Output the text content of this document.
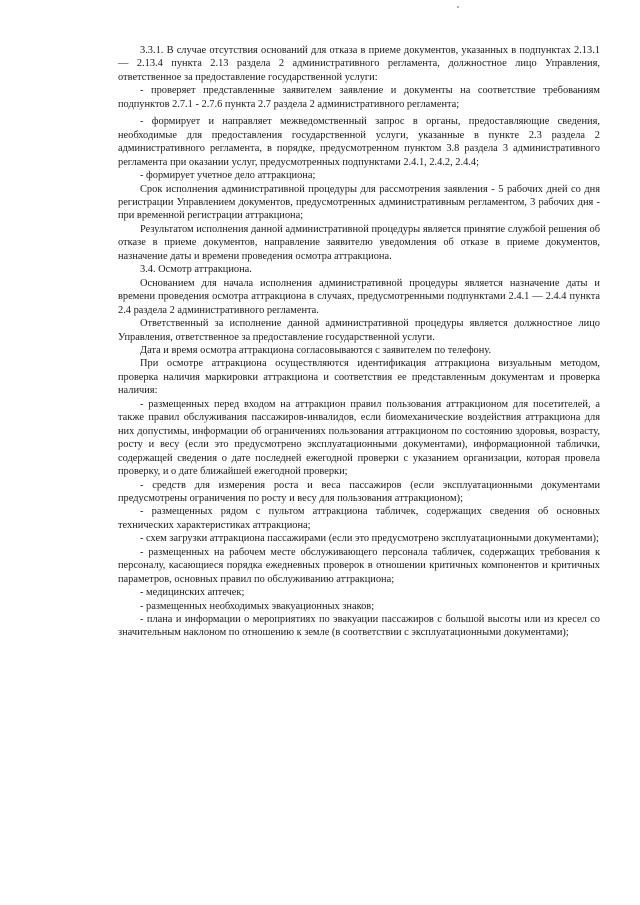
3.3.1. В случае отсутствия оснований для отказа в приеме документов, указанных в подпунктах 2.13.1 — 2.13.4 пункта 2.13 раздела 2 административного регламента, должностное лицо Управления, ответственное за предоставление государственной услуги:

- проверяет представленные заявителем заявление и документы на соответствие требованиям подпунктов 2.7.1 - 2.7.6 пункта 2.7 раздела 2 административного регламента;

- формирует и направляет межведомственный запрос в органы, предоставляющие сведения, необходимые для предоставления государственной услуги, указанные в пункте 2.3 раздела 2 административного регламента, в порядке, предусмотренном пунктом 3.8 раздела 3 административного регламента при оказании услуг, предусмотренных подпунктами 2.4.1, 2.4.2, 2.4.4;

- формирует учетное дело аттракциона;

Срок исполнения административной процедуры для рассмотрения заявления - 5 рабочих дней со дня регистрации Управлением документов, предусмотренных административным регламентом, 3 рабочих дня - при временной регистрации аттракциона;

Результатом исполнения данной административной процедуры является принятие службой решения об отказе в приеме документов, направление заявителю уведомления об отказе в приеме документов, назначение даты и времени проведения осмотра аттракциона.

3.4. Осмотр аттракциона.

Основанием для начала исполнения административной процедуры является назначение даты и времени проведения осмотра аттракциона в случаях, предусмотренными подпунктами 2.4.1 — 2.4.4 пункта 2.4 раздела 2 административного регламента.

Ответственный за исполнение данной административной процедуры является должностное лицо Управления, ответственное за предоставление государственной услуги.

Дата и время осмотра аттракциона согласовываются с заявителем по телефону.

При осмотре аттракциона осуществляются идентификация аттракциона визуальным методом, проверка наличия маркировки аттракциона и соответствия ее представленным документам и проверка наличия:

- размещенных перед входом на аттракцион правил пользования аттракционом для посетителей, а также правил обслуживания пассажиров-инвалидов, если биомеханические воздействия аттракциона для них допустимы, информации об ограничениях пользования аттракционом по состоянию здоровья, возрасту, росту и весу (если это предусмотрено эксплуатационными документами), информационной таблички, содержащей сведения о дате последней ежегодной проверки с указанием организации, которая провела проверку, и о дате ближайшей ежегодной проверки;

- средств для измерения роста и веса пассажиров (если эксплуатационными документами предусмотрены ограничения по росту и весу для пользования аттракционом);

- размещенных рядом с пультом аттракциона табличек, содержащих сведения об основных технических характеристиках аттракциона;

- схем загрузки аттракциона пассажирами (если это предусмотрено эксплуатационными документами);

- размещенных на рабочем месте обслуживающего персонала табличек, содержащих требования к персоналу, касающиеся порядка ежедневных проверок в отношении критичных компонентов и критичных параметров, основных правил по обслуживанию аттракциона;

- медицинских аптечек;

- размещенных необходимых эвакуационных знаков;

- плана и информации о мероприятиях по эвакуации пассажиров с большой высоты или из кресел со значительным наклоном по отношению к земле (в соответствии с эксплуатационными документами);
